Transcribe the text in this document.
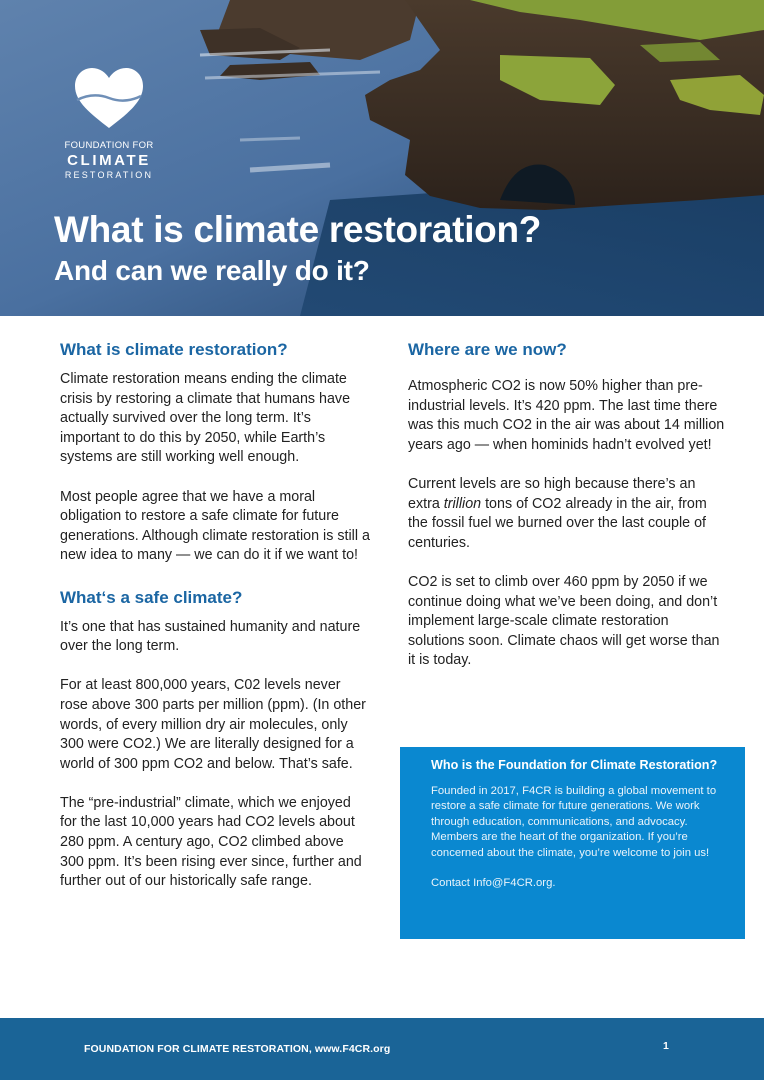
FOUNDATION FOR
CLIMATE
RESTORATION
What is climate restoration?
And can we really do it?
What is climate restoration?

Climate restoration means ending the climate crisis by restoring a climate that humans have actually survived over the long term. It’s important to do this by 2050, while Earth’s systems are still working well enough.

Most people agree that we have a moral obligation to restore a safe climate for future generations. Although climate restoration is still a new idea to many — we can do it if we want to!

What‘s a safe climate?

It’s one that has sustained humanity and nature over the long term.

For at least 800,000 years, C02 levels never rose above 300 parts per million (ppm). (In other words, of every million dry air molecules, only 300 were CO2.) We are literally designed for a world of 300 ppm CO2 and below. That’s safe.

The “pre-industrial” climate, which we enjoyed for the last 10,000 years had CO2 levels about 280 ppm. A century ago, CO2 climbed above 300 ppm. It’s been rising ever since, further and further out of our historically safe range.

Where are we now?

Atmospheric CO2 is now 50% higher than pre-industrial levels. It’s 420 ppm. The last time there was this much CO2 in the air was about 14 million years ago — when hominids hadn’t evolved yet!

Current levels are so high because there’s an extra trillion tons of CO2 already in the air, from the fossil fuel we burned over the last couple of centuries.

CO2 is set to climb over 460 ppm by 2050 if we continue doing what we’ve been doing, and don’t implement large-scale climate restoration solutions soon. Climate chaos will get worse than it is today.

Who is the Foundation for Climate Restoration?

Founded in 2017, F4CR is building a global movement to restore a safe climate for future generations. We work through education, communications, and advocacy. Members are the heart of the organization. If you’re concerned about the climate, you’re welcome to join us!

Contact Info@F4CR.org.

FOUNDATION FOR CLIMATE RESTORATION, www.F4CR.org	1
